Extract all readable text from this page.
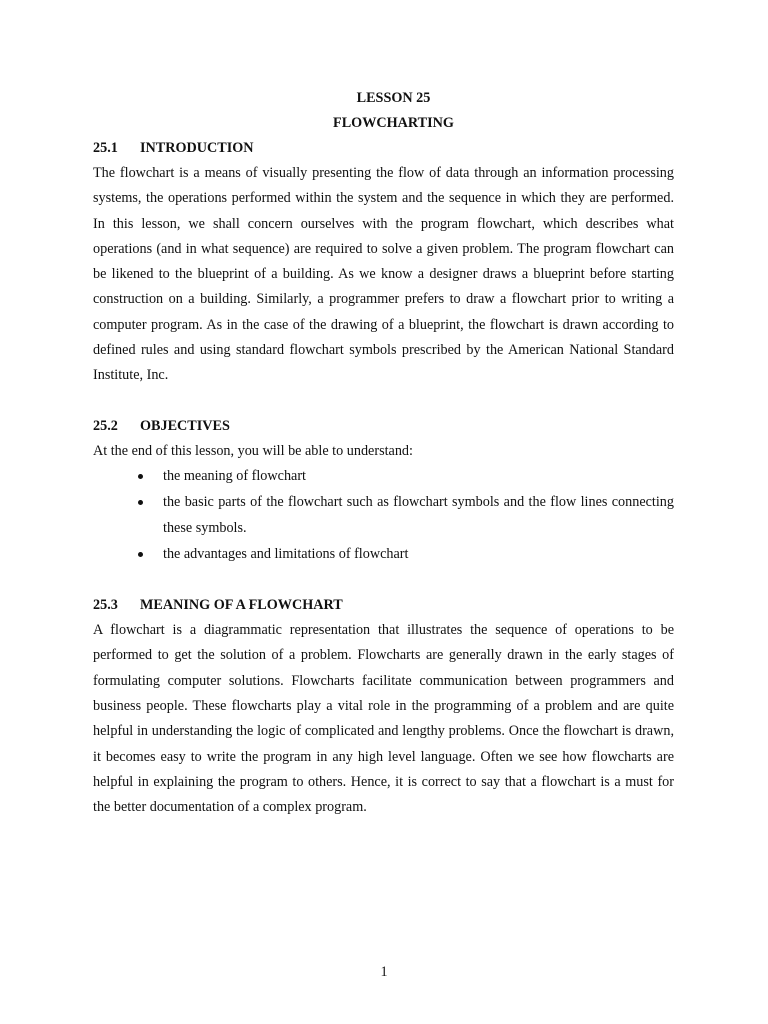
LESSON 25
FLOWCHARTING
25.1 INTRODUCTION

The flowchart is a means of visually presenting the flow of data through an information processing systems, the operations performed within the system and the sequence in which they are performed. In this lesson, we shall concern ourselves with the program flowchart, which describes what operations (and in what sequence) are required to solve a given problem. The program flowchart can be likened to the blueprint of a building. As we know a designer draws a blueprint before starting construction on a building. Similarly, a programmer prefers to draw a flowchart prior to writing a computer program. As in the case of the drawing of a blueprint, the flowchart is drawn according to defined rules and using standard flowchart symbols prescribed by the American National Standard Institute, Inc.

25.2 OBJECTIVES

At the end of this lesson, you will be able to understand:

the meaning of flowchart
the basic parts of the flowchart such as flowchart symbols and the flow lines connecting these symbols.
the advantages and limitations of flowchart
25.3 MEANING OF A FLOWCHART

A flowchart is a diagrammatic representation that illustrates the sequence of operations to be performed to get the solution of a problem. Flowcharts are generally drawn in the early stages of formulating computer solutions. Flowcharts facilitate communication between programmers and business people. These flowcharts play a vital role in the programming of a problem and are quite helpful in understanding the logic of complicated and lengthy problems. Once the flowchart is drawn, it becomes easy to write the program in any high level language. Often we see how flowcharts are helpful in explaining the program to others. Hence, it is correct to say that a flowchart is a must for the better documentation of a complex program.

1
